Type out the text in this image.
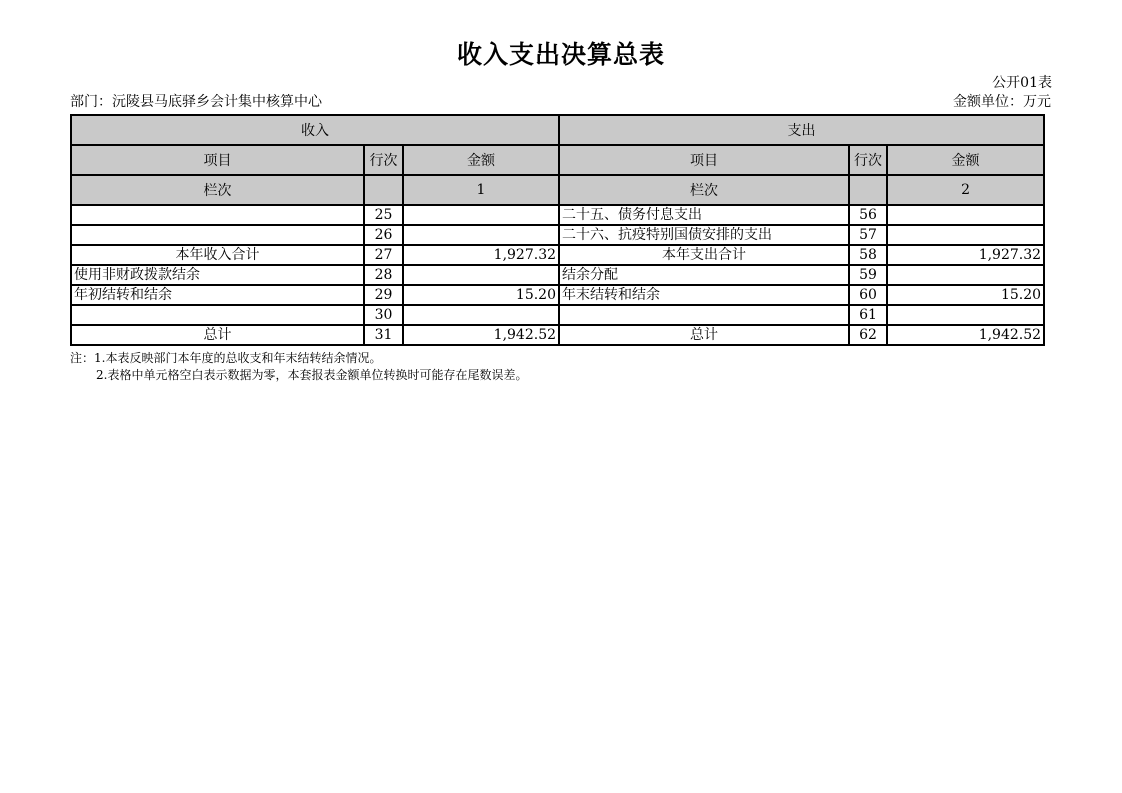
收入支出决算总表
公开01表
部门：沅陵县马底驿乡会计集中核算中心	金额单位：万元
收入			支出		
项目	行次	金额	项目	行次	金额
栏次		1	栏次		2
	25		二十五、债务付息支出	56	
	26		二十六、抗疫特别国债安排的支出	57	
本年收入合计	27	1,927.32	本年支出合计	58	1,927.32
使用非财政拨款结余	28		结余分配	59	
年初结转和结余	29	15.20	年末结转和结余	60	15.20
	30			61	
总计	31	1,942.52	总计	62	1,942.52
注：1.本表反映部门本年度的总收支和年末结转结余情况。
2.表格中单元格空白表示数据为零，本套报表金额单位转换时可能存在尾数误差。
